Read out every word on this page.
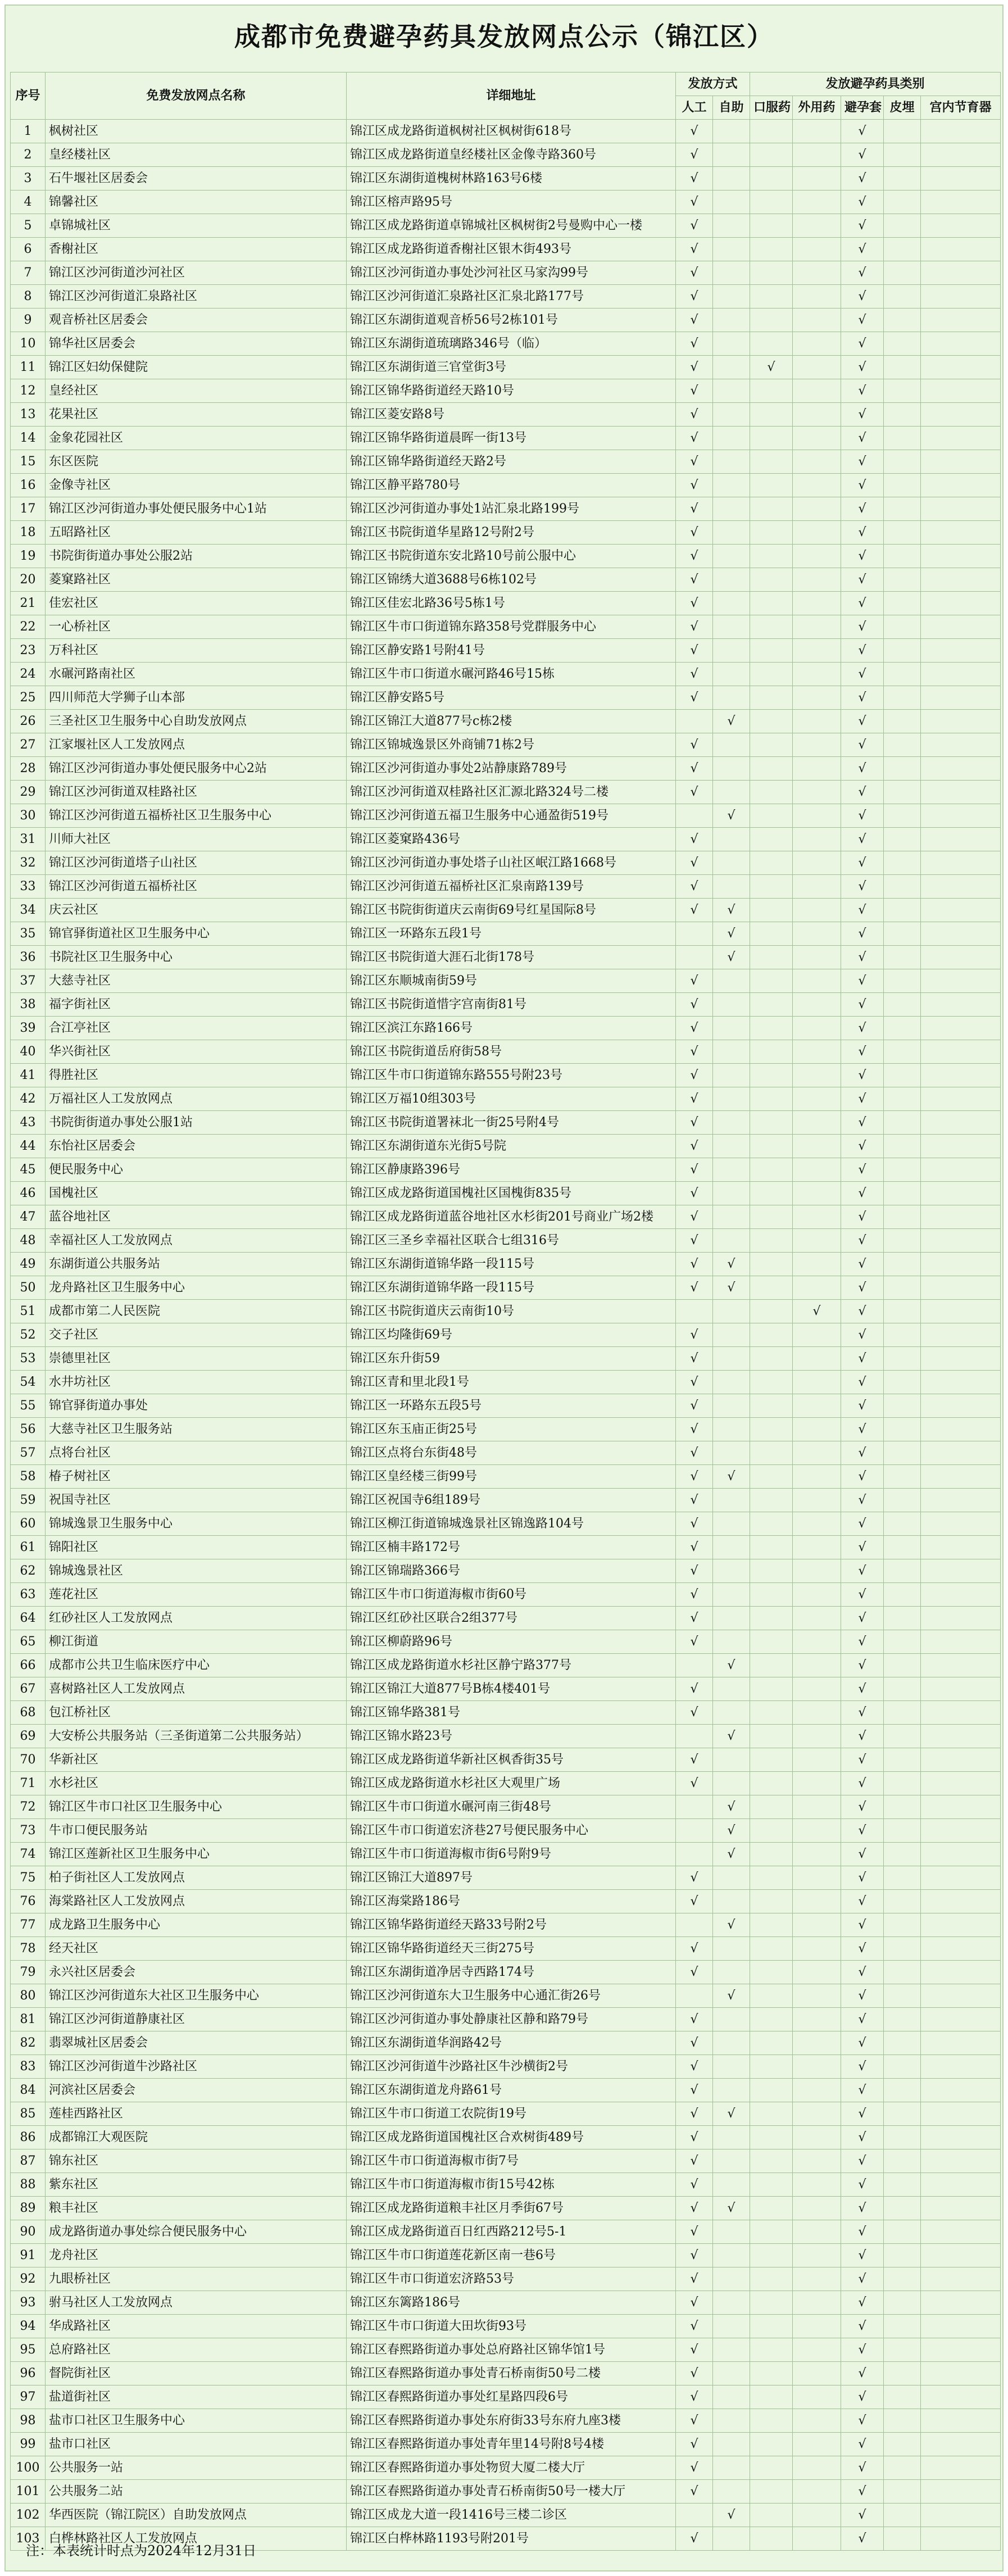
成都市免费避孕药具发放网点公示（锦江区）
序号	免费发放网点名称	详细地址	发放方式		发放避孕药具类别				
			人工	自助	口服药	外用药	避孕套	皮埋	宫内节育器
1	枫树社区	锦江区成龙路街道枫树社区枫树街618号	√				√		
2	皇经楼社区	锦江区成龙路街道皇经楼社区金像寺路360号	√				√		
3	石牛堰社区居委会	锦江区东湖街道槐树林路163号6楼	√				√		
4	锦馨社区	锦江区榕声路95号	√				√		
5	卓锦城社区	锦江区成龙路街道卓锦城社区枫树街2号曼购中心一楼	√				√		
6	香榭社区	锦江区成龙路街道香榭社区银木街493号	√				√		
7	锦江区沙河街道沙河社区	锦江区沙河街道办事处沙河社区马家沟99号	√				√		
8	锦江区沙河街道汇泉路社区	锦江区沙河街道汇泉路社区汇泉北路177号	√				√		
9	观音桥社区居委会	锦江区东湖街道观音桥56号2栋101号	√				√		
10	锦华社区居委会	锦江区东湖街道琉璃路346号（临）	√				√		
11	锦江区妇幼保健院	锦江区东湖街道三官堂街3号	√		√		√		
12	皇经社区	锦江区锦华路街道经天路10号	√				√		
13	花果社区	锦江区菱安路8号	√				√		
14	金象花园社区	锦江区锦华路街道晨晖一街13号	√				√		
15	东区医院	锦江区锦华路街道经天路2号	√				√		
16	金像寺社区	锦江区静平路780号	√				√		
17	锦江区沙河街道办事处便民服务中心1站	锦江区沙河街道办事处1站汇泉北路199号	√				√		
18	五昭路社区	锦江区书院街道华星路12号附2号	√				√		
19	书院街街道办事处公服2站	锦江区书院街道东安北路10号前公服中心	√				√		
20	菱窠路社区	锦江区锦绣大道3688号6栋102号	√				√		
21	佳宏社区	锦江区佳宏北路36号5栋1号	√				√		
22	一心桥社区	锦江区牛市口街道锦东路358号党群服务中心	√				√		
23	万科社区	锦江区静安路1号附41号	√				√		
24	水碾河路南社区	锦江区牛市口街道水碾河路46号15栋	√				√		
25	四川师范大学狮子山本部	锦江区静安路5号	√				√		
26	三圣社区卫生服务中心自助发放网点	锦江区锦江大道877号c栋2楼		√			√		
27	江家堰社区人工发放网点	锦江区锦城逸景区外商铺71栋2号	√				√		
28	锦江区沙河街道办事处便民服务中心2站	锦江区沙河街道办事处2站静康路789号	√				√		
29	锦江区沙河街道双桂路社区	锦江区沙河街道双桂路社区汇源北路324号二楼	√				√		
30	锦江区沙河街道五福桥社区卫生服务中心	锦江区沙河街道五福卫生服务中心通盈街519号		√			√		
31	川师大社区	锦江区菱窠路436号	√				√		
32	锦江区沙河街道塔子山社区	锦江区沙河街道办事处塔子山社区岷江路1668号	√				√		
33	锦江区沙河街道五福桥社区	锦江区沙河街道五福桥社区汇泉南路139号	√				√		
34	庆云社区	锦江区书院街街道庆云南街69号红星国际8号	√	√			√		
35	锦官驿街道社区卫生服务中心	锦江区一环路东五段1号		√			√		
36	书院社区卫生服务中心	锦江区书院街道大涯石北街178号		√			√		
37	大慈寺社区	锦江区东顺城南街59号	√				√		
38	福字街社区	锦江区书院街道惜字宫南街81号	√				√		
39	合江亭社区	锦江区滨江东路166号	√				√		
40	华兴街社区	锦江区书院街道岳府街58号	√				√		
41	得胜社区	锦江区牛市口街道锦东路555号附23号	√				√		
42	万福社区人工发放网点	锦江区万福10组303号	√				√		
43	书院街街道办事处公服1站	锦江区书院街道署袜北一街25号附4号	√				√		
44	东怡社区居委会	锦江区东湖街道东光街5号院	√				√		
45	便民服务中心	锦江区静康路396号	√				√		
46	国槐社区	锦江区成龙路街道国槐社区国槐街835号	√				√		
47	蓝谷地社区	锦江区成龙路街道蓝谷地社区水杉街201号商业广场2楼	√				√		
48	幸福社区人工发放网点	锦江区三圣乡幸福社区联合七组316号	√				√		
49	东湖街道公共服务站	锦江区东湖街道锦华路一段115号	√	√			√		
50	龙舟路社区卫生服务中心	锦江区东湖街道锦华路一段115号	√	√			√		
51	成都市第二人民医院	锦江区书院街道庆云南街10号				√	√		
52	交子社区	锦江区均隆街69号	√				√		
53	崇德里社区	锦江区东升街59	√				√		
54	水井坊社区	锦江区青和里北段1号	√				√		
55	锦官驿街道办事处	锦江区一环路东五段5号	√				√		
56	大慈寺社区卫生服务站	锦江区东玉庙正街25号	√				√		
57	点将台社区	锦江区点将台东街48号	√				√		
58	椿子树社区	锦江区皇经楼三街99号	√	√			√		
59	祝国寺社区	锦江区祝国寺6组189号	√				√		
60	锦城逸景卫生服务中心	锦江区柳江街道锦城逸景社区锦逸路104号	√				√		
61	锦阳社区	锦江区楠丰路172号	√				√		
62	锦城逸景社区	锦江区锦瑞路366号	√				√		
63	莲花社区	锦江区牛市口街道海椒市街60号	√				√		
64	红砂社区人工发放网点	锦江区红砂社区联合2组377号	√				√		
65	柳江街道	锦江区柳蔚路96号	√				√		
66	成都市公共卫生临床医疗中心	锦江区成龙路街道水杉社区静宁路377号		√			√		
67	喜树路社区人工发放网点	锦江区锦江大道877号B栋4楼401号	√				√		
68	包江桥社区	锦江区锦华路381号	√				√		
69	大安桥公共服务站（三圣街道第二公共服务站）	锦江区锦水路23号		√			√		
70	华新社区	锦江区成龙路街道华新社区枫香街35号	√				√		
71	水杉社区	锦江区成龙路街道水杉社区大观里广场	√				√		
72	锦江区牛市口社区卫生服务中心	锦江区牛市口街道水碾河南三街48号		√			√		
73	牛市口便民服务站	锦江区牛市口街道宏济巷27号便民服务中心		√			√		
74	锦江区莲新社区卫生服务中心	锦江区牛市口街道海椒市街6号附9号		√			√		
75	柏子街社区人工发放网点	锦江区锦江大道897号	√				√		
76	海棠路社区人工发放网点	锦江区海棠路186号	√				√		
77	成龙路卫生服务中心	锦江区锦华路街道经天路33号附2号		√			√		
78	经天社区	锦江区锦华路街道经天三街275号	√				√		
79	永兴社区居委会	锦江区东湖街道净居寺西路174号	√				√		
80	锦江区沙河街道东大社区卫生服务中心	锦江区沙河街道东大卫生服务中心通汇街26号		√			√		
81	锦江区沙河街道静康社区	锦江区沙河街道办事处静康社区静和路79号	√				√		
82	翡翠城社区居委会	锦江区东湖街道华润路42号	√				√		
83	锦江区沙河街道牛沙路社区	锦江区沙河街道牛沙路社区牛沙横街2号	√				√		
84	河滨社区居委会	锦江区东湖街道龙舟路61号	√				√		
85	莲桂西路社区	锦江区牛市口街道工农院街19号	√	√			√		
86	成都锦江大观医院	锦江区成龙路街道国槐社区合欢树街489号	√				√		
87	锦东社区	锦江区牛市口街道海椒市街7号	√				√		
88	紫东社区	锦江区牛市口街道海椒市街15号42栋	√				√		
89	粮丰社区	锦江区成龙路街道粮丰社区月季街67号	√	√			√		
90	成龙路街道办事处综合便民服务中心	锦江区成龙路街道百日红西路212号5-1	√				√		
91	龙舟社区	锦江区牛市口街道莲花新区南一巷6号	√				√		
92	九眼桥社区	锦江区牛市口街道宏济路53号	√				√		
93	驸马社区人工发放网点	锦江区东篱路186号	√				√		
94	华成路社区	锦江区牛市口街道大田坎街93号	√				√		
95	总府路社区	锦江区春熙路街道办事处总府路社区锦华馆1号	√				√		
96	督院街社区	锦江区春熙路街道办事处青石桥南街50号二楼	√				√		
97	盐道街社区	锦江区春熙路街道办事处红星路四段6号	√				√		
98	盐市口社区卫生服务中心	锦江区春熙路街道办事处东府街33号东府九座3楼	√				√		
99	盐市口社区	锦江区春熙路街道办事处青年里14号附8号4楼	√				√		
100	公共服务一站	锦江区春熙路街道办事处物贸大厦二楼大厅	√				√		
101	公共服务二站	锦江区春熙路街道办事处青石桥南街50号一楼大厅	√				√		
102	华西医院（锦江院区）自助发放网点	锦江区成龙大道一段1416号三楼二诊区		√			√		
103	白桦林路社区人工发放网点	锦江区白桦林路1193号附201号	√				√		
注：本表统计时点为2024年12月31日
